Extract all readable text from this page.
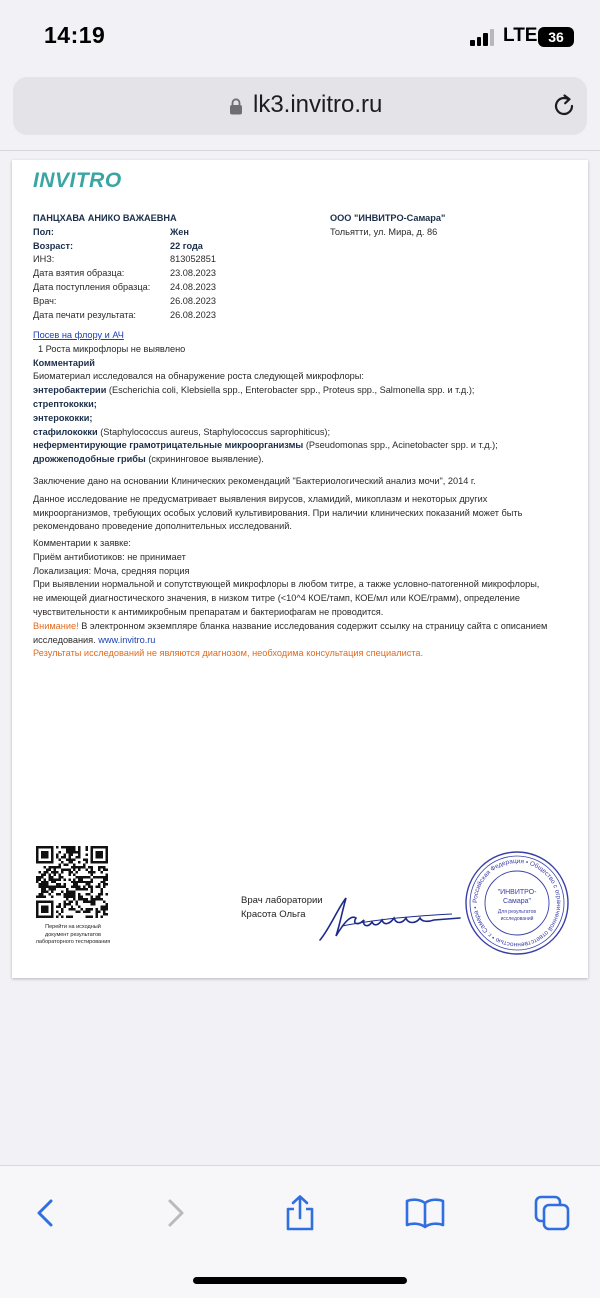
14:19	LTE 36
lk3.invitro.ru
INVITRO
ПАНЦХАВА АНИКО ВАЖАЕВНА
Пол:	Жен
Возраст:	22 года
ИНЗ:	813052851
Дата взятия образца:	23.08.2023
Дата поступления образца: 24.08.2023
Врач:	26.08.2023
Дата печати результата:	26.08.2023
ООО "ИНВИТРО-Самара"
Тольятти, ул. Мира, д. 86
Посев на флору и АЧ
1 Роста микрофлоры не выявлено
Комментарий
Биоматериал исследовался на обнаружение роста следующей микрофлоры:
энтеробактерии (Escherichia coli, Klebsiella spp., Enterobacter spp., Proteus spp., Salmonella spp. и т.д.);
стрептококки;
энтерококки;
стафилококки (Staphylococcus aureus, Staphylococcus saprophiticus);
неферментирующие грамотрицательные микроорганизмы (Pseudomonas spp., Acinetobacter spp. и т.д.);
дрожжеподобные грибы (скрининговое выявление).
Заключение дано на основании Клинических рекомендаций "Бактериологический анализ мочи", 2014 г.
Данное исследование не предусматривает выявления вирусов, хламидий, микоплазм и некоторых других
микроорганизмов, требующих особых условий культивирования. При наличии клинических показаний может быть
рекомендовано проведение дополнительных исследований.
Комментарии к заявке:
Приём антибиотиков: не принимает
Локализация: Моча, средняя порция
При выявлении нормальной и сопутствующей микрофлоры в любом титре, а также условно-патогенной микрофлоры,
не имеющей диагностического значения, в низком титре (<10^4 КОЕ/тамп, КОЕ/мл или КОЕ/грамм), определение
чувствительности к антимикробным препаратам и бактериофагам не проводится.
Внимание! В электронном экземпляре бланка название исследования содержит ссылку на страницу сайта с описанием
исследования. www.invitro.ru
Результаты исследований не являются диагнозом, необходима консультация специалиста.
Перейти на исходный
документ результатов
лабораторного тестирования
Врач лаборатории
Красота Ольга
Российская Федерация • Общество с ограниченной ответственностью • г. Самара •
"ИНВИТРО-
Самара"
Для результатов
исследований
